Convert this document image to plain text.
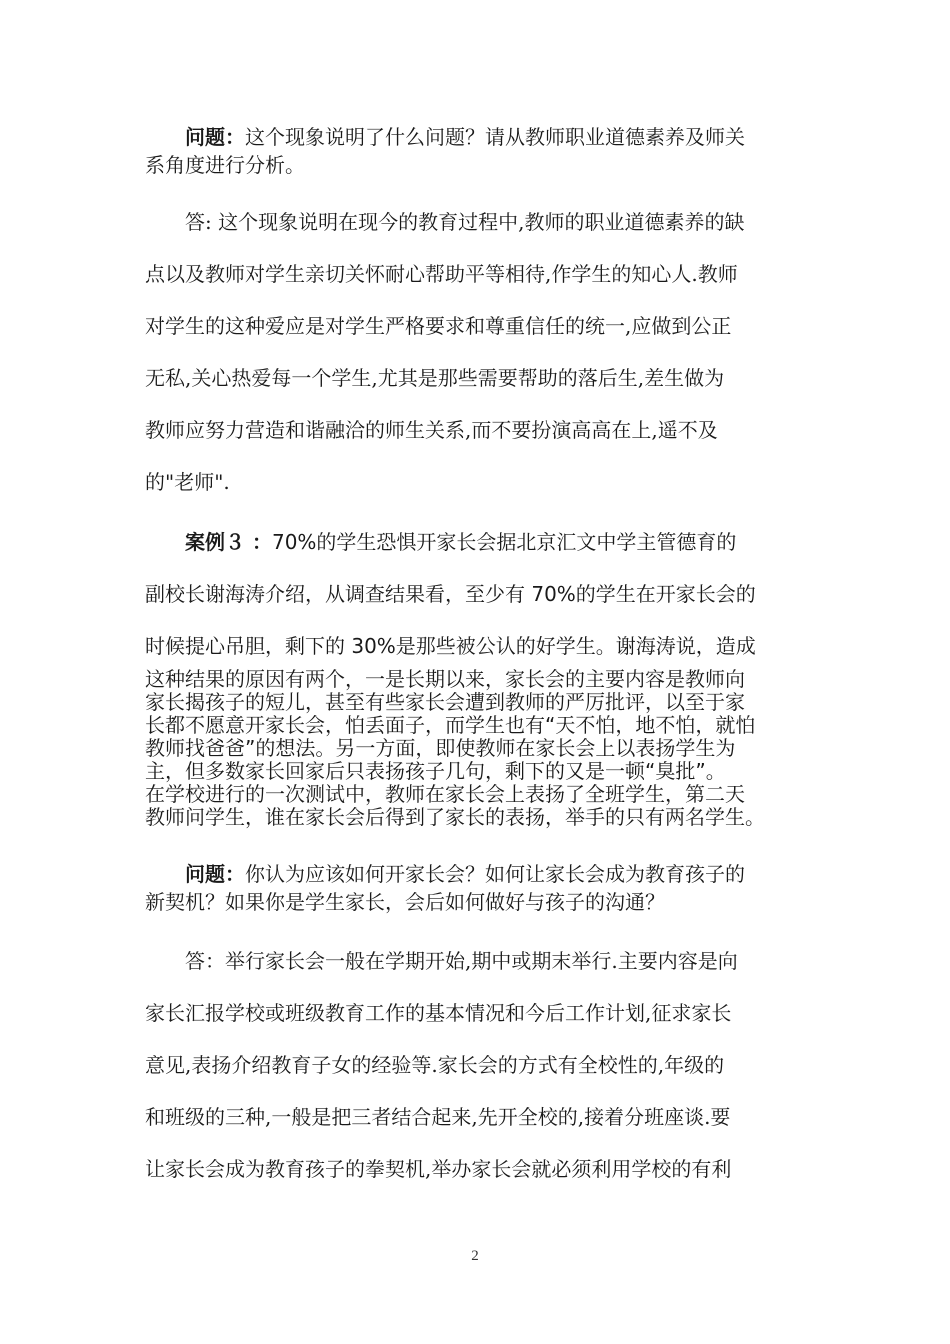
问题：这个现象说明了什么问题？请从教师职业道德素养及师关
系角度进行分析。
答: 这个现象说明在现今的教育过程中,教师的职业道德素养的缺
点以及教师对学生亲切关怀耐心帮助平等相待,作学生的知心人.教师
对学生的这种爱应是对学生严格要求和尊重信任的统一,应做到公正
无私,关心热爱每一个学生,尤其是那些需要帮助的落后生,差生做为
教师应努力营造和谐融洽的师生关系,而不要扮演高高在上,遥不及
的"老师".
案例３ ：70%的学生恐惧开家长会据北京汇文中学主管德育的
副校长谢海涛介绍，从调查结果看，至少有 70%的学生在开家长会的
时候提心吊胆，剩下的 30%是那些被公认的好学生。谢海涛说，造成
这种结果的原因有两个，一是长期以来，家长会的主要内容是教师向
家长揭孩子的短儿，甚至有些家长会遭到教师的严厉批评，以至于家
长都不愿意开家长会，怕丢面子，而学生也有“天不怕，地不怕，就怕
教师找爸爸”的想法。另一方面，即使教师在家长会上以表扬学生为
主，但多数家长回家后只表扬孩子几句，剩下的又是一顿“臭批”。
在学校进行的一次测试中，教师在家长会上表扬了全班学生，第二天
教师问学生，谁在家长会后得到了家长的表扬，举手的只有两名学生。
问题：你认为应该如何开家长会？如何让家长会成为教育孩子的
新契机？如果你是学生家长，会后如何做好与孩子的沟通？
答：举行家长会一般在学期开始,期中或期末举行.主要内容是向
家长汇报学校或班级教育工作的基本情况和今后工作计划,征求家长
意见,表扬介绍教育子女的经验等.家长会的方式有全校性的,年级的
和班级的三种,一般是把三者结合起来,先开全校的,接着分班座谈.要
让家长会成为教育孩子的拳契机,举办家长会就必须利用学校的有利
2
